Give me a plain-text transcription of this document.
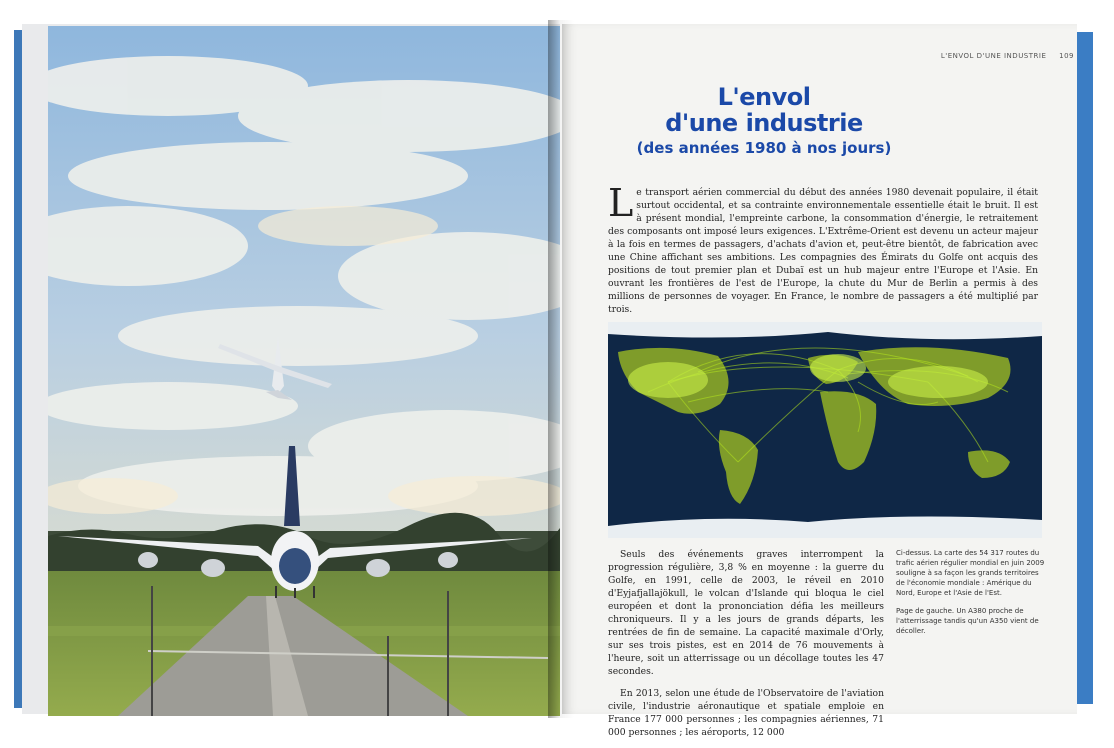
L'ENVOL D'UNE INDUSTRIE 109
L'envol
d'une industrie
(des années 1980 à nos jours)
L e transport aérien commercial du début des années 1980 devenait populaire, il était surtout occidental, et sa contrainte environnementale essentielle était le bruit. Il est à présent mondial, l'empreinte carbone, la consommation d'énergie, le retraitement des composants ont imposé leurs exigences. L'Extrême-Orient est devenu un acteur majeur à la fois en termes de passagers, d'achats d'avion et, peut-être bientôt, de fabrication avec une Chine affichant ses ambitions. Les compagnies des Émirats du Golfe ont acquis des positions de tout premier plan et Dubaï est un hub majeur entre l'Europe et l'Asie. En ouvrant les frontières de l'est de l'Europe, la chute du Mur de Berlin a permis à des millions de personnes de voyager. En France, le nombre de passagers a été multiplié par trois.

Seuls des événements graves interrompent la progression régulière, 3,8 % en moyenne : la guerre du Golfe, en 1991, celle de 2003, le réveil en 2010 d'Eyjafjallajökull, le volcan d'Islande qui bloqua le ciel européen et dont la prononciation défia les meilleurs chroniqueurs. Il y a les jours de grands départs, les rentrées de fin de semaine. La capacité maximale d'Orly, sur ses trois pistes, est en 2014 de 76 mouvements à l'heure, soit un atterrissage ou un décollage toutes les 47 secondes.

En 2013, selon une étude de l'Observatoire de l'aviation civile, l'industrie aéronautique et spatiale emploie en France 177 000 personnes ; les compagnies aériennes, 71 000 personnes ; les aéroports, 12 000

Ci-dessus. La carte des 54 317 routes du trafic aérien régulier mondial en juin 2009 souligne à sa façon les grands territoires de l'économie mondiale : Amérique du Nord, Europe et l'Asie de l'Est.

Page de gauche. Un A380 proche de l'atterrissage tandis qu'un A350 vient de décoller.
